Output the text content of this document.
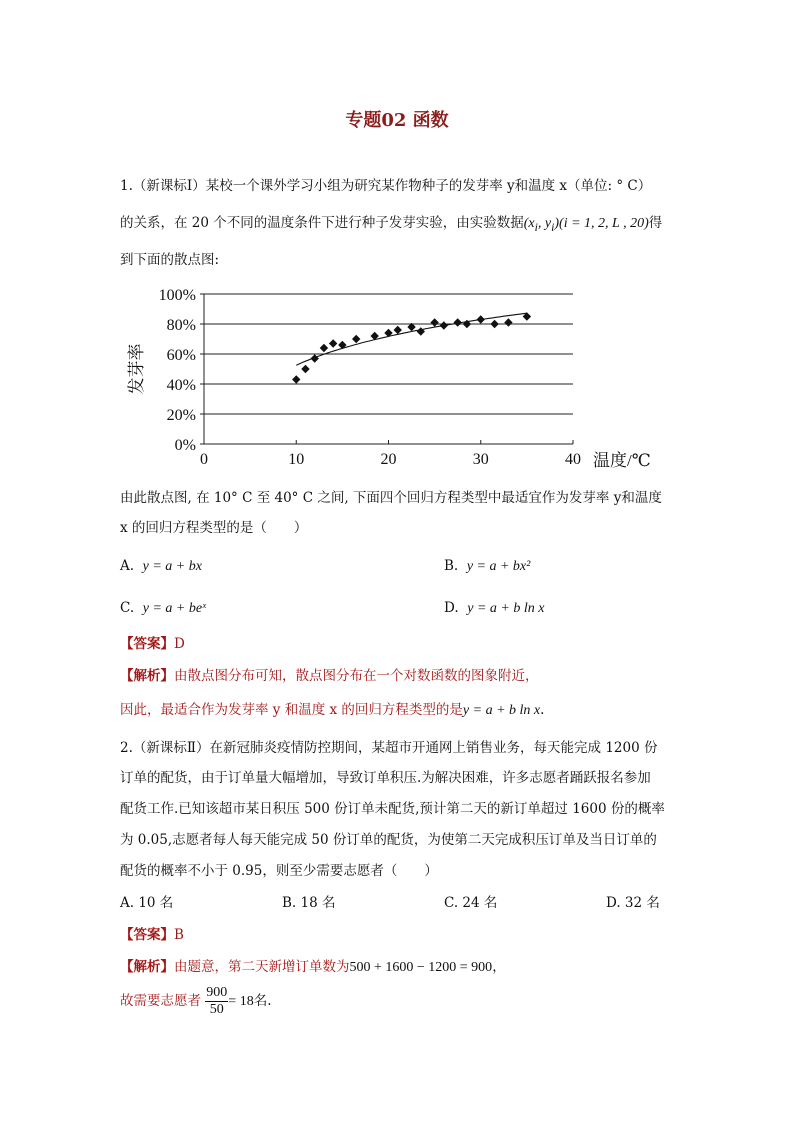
专题02 函数
1.（新课标Ⅰ）某校一个课外学习小组为研究某作物种子的发芽率 y和温度 x（单位: ° C）
的关系，在 20 个不同的温度条件下进行种子发芽实验，由实验数据($x_i$, $y_i)(i = 1$, 2, L , 20)得
到下面的散点图:
0%
20%
40%
60%
80%
100%
0	10	20	30	40
发芽率
温度/℃
由此散点图, 在 10° C 至 40° C 之间, 下面四个回归方程类型中最适宜作为发芽率 y和温度
x 的回归方程类型的是（　　）
A. y = a + bx	B. y = a + bx²
C. y = a + beˣ	D. y = a + b ln x
【答案】D
【解析】由散点图分布可知，散点图分布在一个对数函数的图象附近，
因此，最适合作为发芽率 y 和温度 x 的回归方程类型的是y = a + b ln x.
2.（新课标Ⅱ）在新冠肺炎疫情防控期间，某超市开通网上销售业务，每天能完成 1200 份
订单的配货，由于订单量大幅增加，导致订单积压.为解决困难，许多志愿者踊跃报名参加
配货工作.已知该超市某日积压 500 份订单未配货,预计第二天的新订单超过 1600 份的概率
为 0.05,志愿者每人每天能完成 50 份订单的配货，为使第二天完成积压订单及当日订单的
配货的概率不小于 0.95，则至少需要志愿者（　　）
A. 10 名	B. 18 名	C. 24 名	D. 32 名
【答案】B
【解析】由题意，第二天新增订单数为500 + 1600 − 1200 = 900，
故需要志愿者 $\frac{900}{50} = 18$名.
